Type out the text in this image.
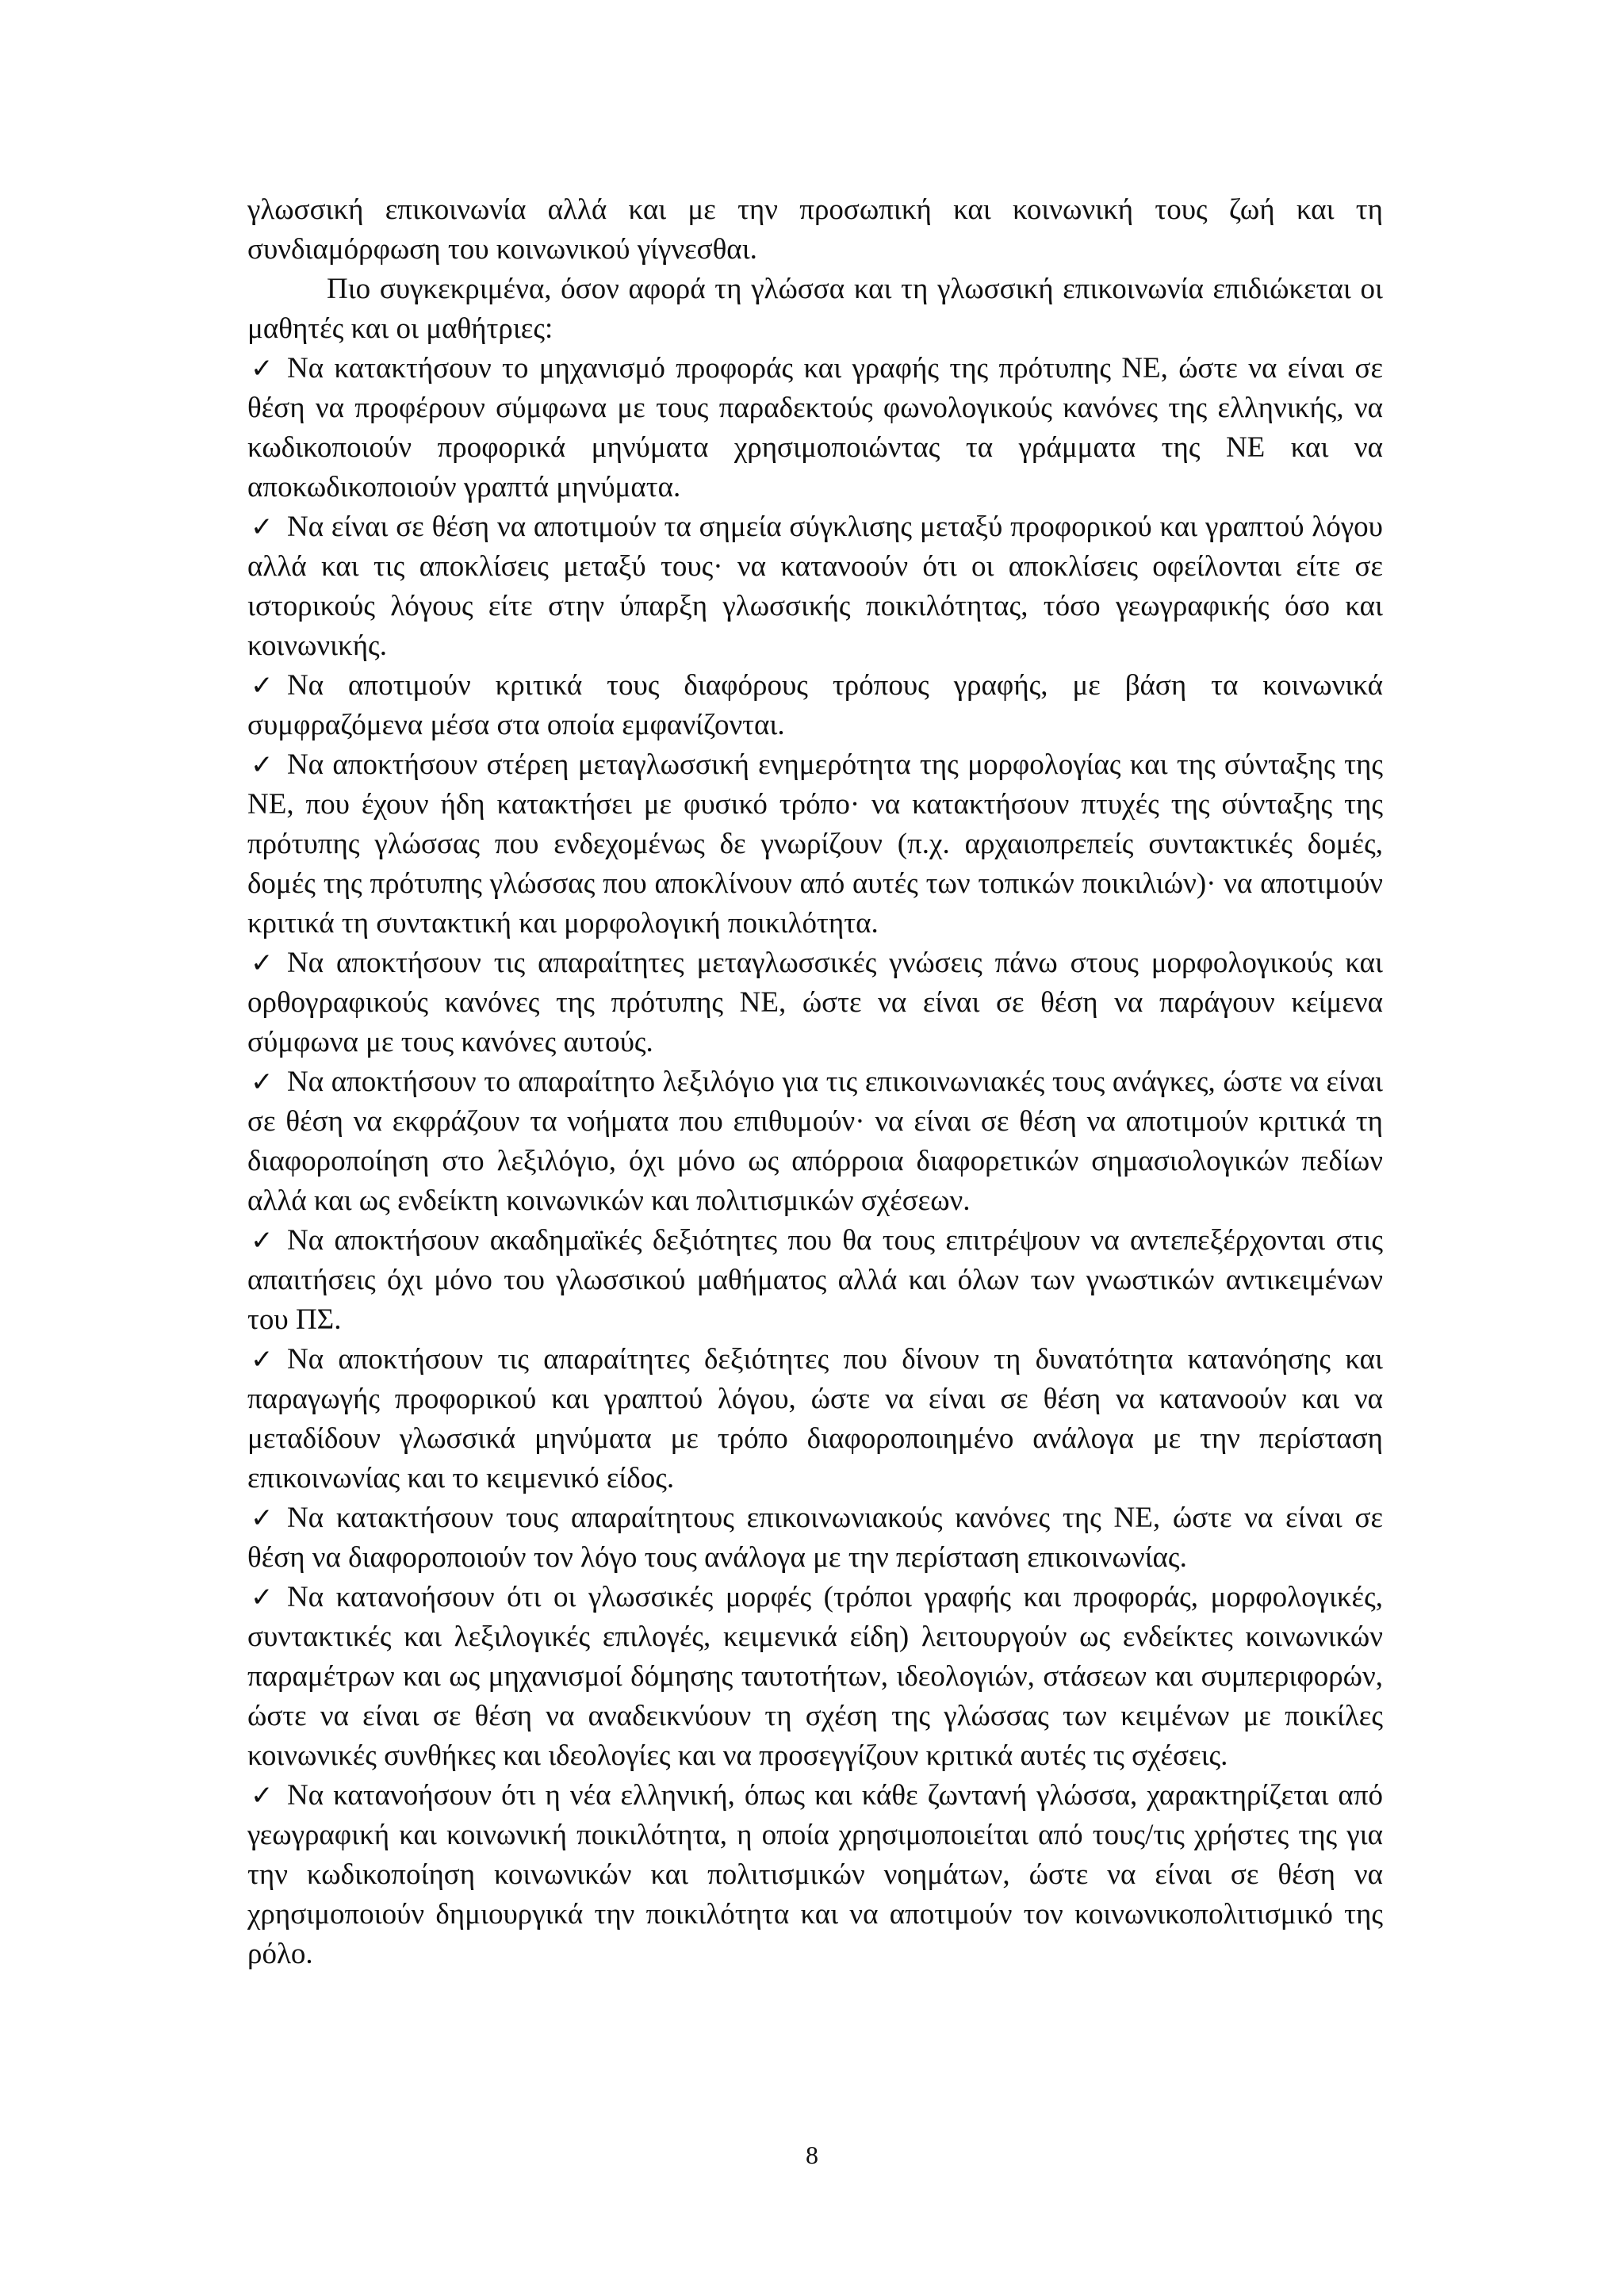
γλωσσική επικοινωνία αλλά και με την προσωπική και κοινωνική τους ζωή και τη συνδιαμόρφωση του κοινωνικού γίγνεσθαι.

Πιο συγκεκριμένα, όσον αφορά τη γλώσσα και τη γλωσσική επικοινωνία επιδιώκεται οι μαθητές και οι μαθήτριες:

✓ Να κατακτήσουν το μηχανισμό προφοράς και γραφής της πρότυπης ΝΕ, ώστε να είναι σε θέση να προφέρουν σύμφωνα με τους παραδεκτούς φωνολογικούς κανόνες της ελληνικής, να κωδικοποιούν προφορικά μηνύματα χρησιμοποιώντας τα γράμματα της ΝΕ και να αποκωδικοποιούν γραπτά μηνύματα.

✓ Να είναι σε θέση να αποτιμούν τα σημεία σύγκλισης μεταξύ προφορικού και γραπτού λόγου αλλά και τις αποκλίσεις μεταξύ τους· να κατανοούν ότι οι αποκλίσεις οφείλονται είτε σε ιστορικούς λόγους είτε στην ύπαρξη γλωσσικής ποικιλότητας, τόσο γεωγραφικής όσο και κοινωνικής.

✓ Να αποτιμούν κριτικά τους διαφόρους τρόπους γραφής, με βάση τα κοινωνικά συμφραζόμενα μέσα στα οποία εμφανίζονται.

✓ Να αποκτήσουν στέρεη μεταγλωσσική ενημερότητα της μορφολογίας και της σύνταξης της ΝΕ, που έχουν ήδη κατακτήσει με φυσικό τρόπο· να κατακτήσουν πτυχές της σύνταξης της πρότυπης γλώσσας που ενδεχομένως δε γνωρίζουν (π.χ. αρχαιοπρεπείς συντακτικές δομές, δομές της πρότυπης γλώσσας που αποκλίνουν από αυτές των τοπικών ποικιλιών)· να αποτιμούν κριτικά τη συντακτική και μορφολογική ποικιλότητα.

✓ Να αποκτήσουν τις απαραίτητες μεταγλωσσικές γνώσεις πάνω στους μορφολογικούς και ορθογραφικούς κανόνες της πρότυπης ΝΕ, ώστε να είναι σε θέση να παράγουν κείμενα σύμφωνα με τους κανόνες αυτούς.

✓ Να αποκτήσουν το απαραίτητο λεξιλόγιο για τις επικοινωνιακές τους ανάγκες, ώστε να είναι σε θέση να εκφράζουν τα νοήματα που επιθυμούν· να είναι σε θέση να αποτιμούν κριτικά τη διαφοροποίηση στο λεξιλόγιο, όχι μόνο ως απόρροια διαφορετικών σημασιολογικών πεδίων αλλά και ως ενδείκτη κοινωνικών και πολιτισμικών σχέσεων.

✓ Να αποκτήσουν ακαδημαϊκές δεξιότητες που θα τους επιτρέψουν να αντεπεξέρχονται στις απαιτήσεις όχι μόνο του γλωσσικού μαθήματος αλλά και όλων των γνωστικών αντικειμένων του ΠΣ.

✓ Να αποκτήσουν τις απαραίτητες δεξιότητες που δίνουν τη δυνατότητα κατανόησης και παραγωγής προφορικού και γραπτού λόγου, ώστε να είναι σε θέση να κατανοούν και να μεταδίδουν γλωσσικά μηνύματα με τρόπο διαφοροποιημένο ανάλογα με την περίσταση επικοινωνίας και το κειμενικό είδος.

✓ Να κατακτήσουν τους απαραίτητους επικοινωνιακούς κανόνες της ΝΕ, ώστε να είναι σε θέση να διαφοροποιούν τον λόγο τους ανάλογα με την περίσταση επικοινωνίας.

✓ Να κατανοήσουν ότι οι γλωσσικές μορφές (τρόποι γραφής και προφοράς, μορφολογικές, συντακτικές και λεξιλογικές επιλογές, κειμενικά είδη) λειτουργούν ως ενδείκτες κοινωνικών παραμέτρων και ως μηχανισμοί δόμησης ταυτοτήτων, ιδεολογιών, στάσεων και συμπεριφορών, ώστε να είναι σε θέση να αναδεικνύουν τη σχέση της γλώσσας των κειμένων με ποικίλες κοινωνικές συνθήκες και ιδεολογίες και να προσεγγίζουν κριτικά αυτές τις σχέσεις.

✓ Να κατανοήσουν ότι η νέα ελληνική, όπως και κάθε ζωντανή γλώσσα, χαρακτηρίζεται από γεωγραφική και κοινωνική ποικιλότητα, η οποία χρησιμοποιείται από τους/τις χρήστες της για την κωδικοποίηση κοινωνικών και πολιτισμικών νοημάτων, ώστε να είναι σε θέση να χρησιμοποιούν δημιουργικά την ποικιλότητα και να αποτιμούν τον κοινωνικοπολιτισμικό της ρόλο.

8
